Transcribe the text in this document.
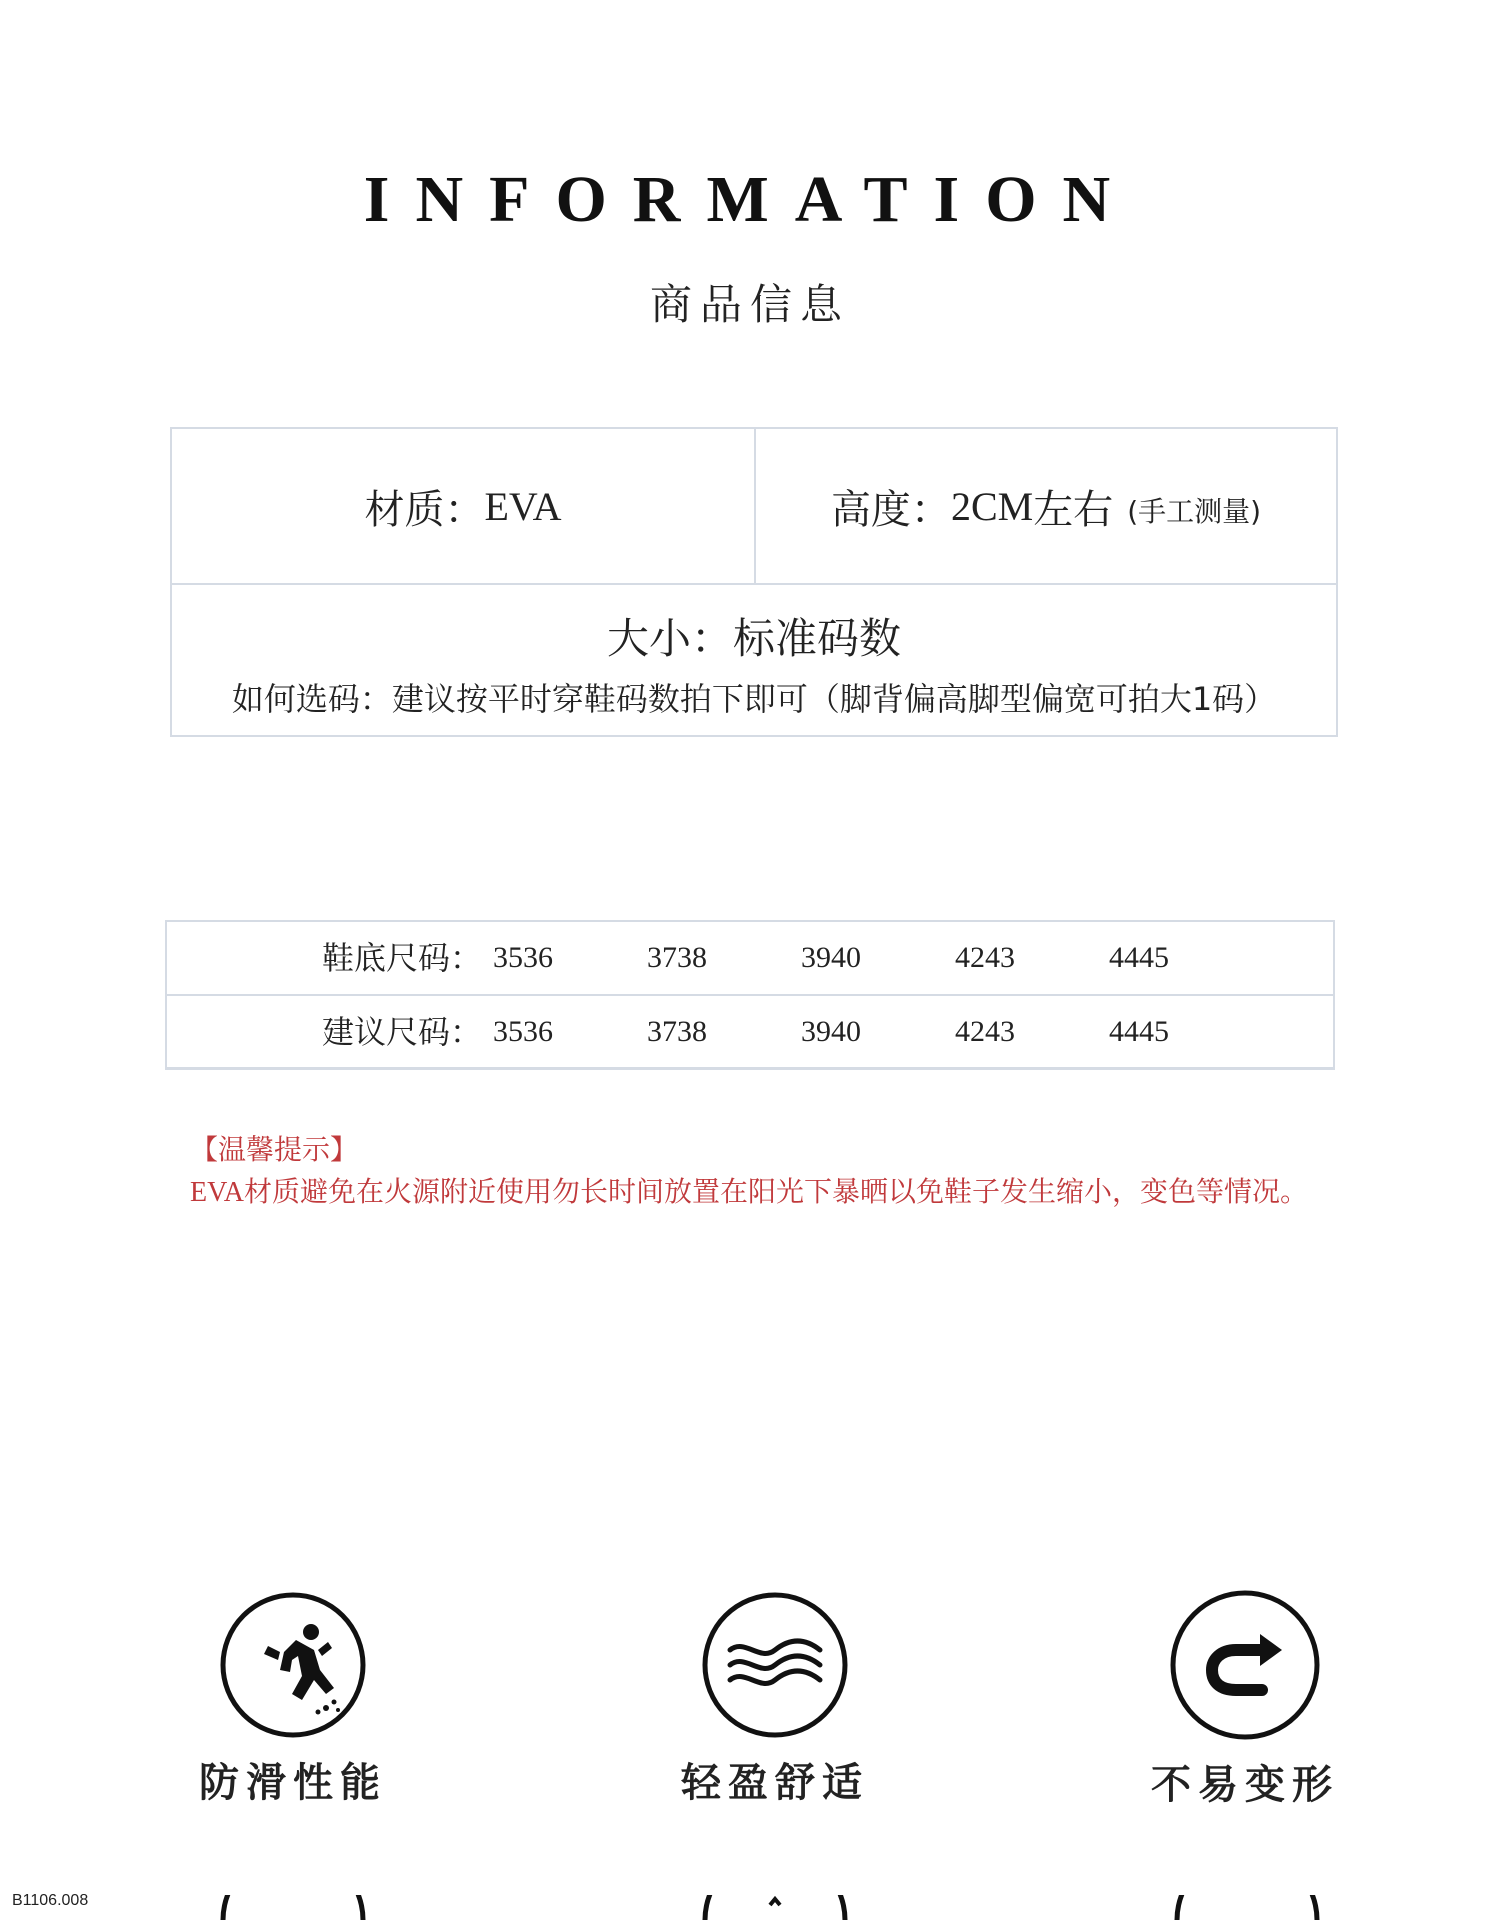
INFORMATION
商品信息
材质： EVA	高度： 2CM 左右 (手工测量)
大小：标准码数
如何选码：建议按平时穿鞋码数拍下即可（脚背偏高脚型偏宽可拍大1码）
鞋底尺码： 3536	3738	3940	4243	4445
建议尺码： 3536	3738	3940	4243	4445
【温馨提示】
EVA材质避免在火源附近使用勿长时间放置在阳光下暴晒以免鞋子发生缩小，变色等情况。
防滑性能	轻盈舒适	不易变形
B1106.008
